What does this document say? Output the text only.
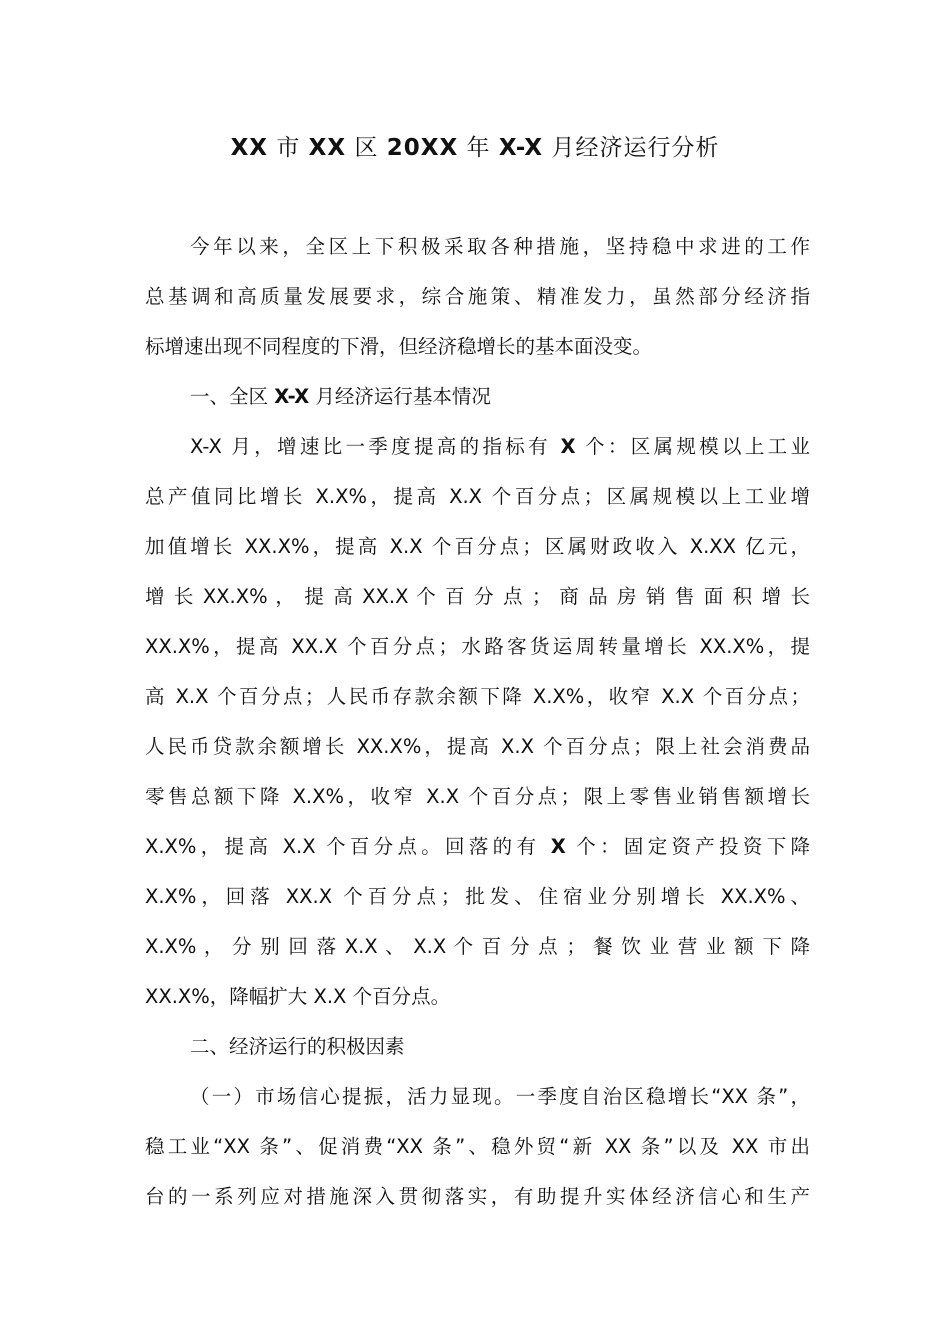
XX 市 XX 区 20XX 年 X-X 月经济运行分析
今年以来，全区上下积极采取各种措施，坚持稳中求进的工作
总基调和高质量发展要求，综合施策、精准发力，虽然部分经济指
标增速出现不同程度的下滑，但经济稳增长的基本面没变。
一、全区 X-X 月经济运行基本情况
X-X 月，增速比一季度提高的指标有 X 个：区属规模以上工业
总产值同比增长 X.X%，提高 X.X 个百分点；区属规模以上工业增
加值增长 XX.X%，提高 X.X 个百分点；区属财政收入 X.XX 亿元，
增 长 XX.X% ， 提 高 XX.X 个 百 分 点 ； 商 品 房 销 售 面 积 增 长
XX.X%，提高 XX.X 个百分点；水路客货运周转量增长 XX.X%，提
高 X.X 个百分点；人民币存款余额下降 X.X%，收窄 X.X 个百分点；
人民币贷款余额增长 XX.X%，提高 X.X 个百分点；限上社会消费品
零售总额下降 X.X%，收窄 X.X 个百分点；限上零售业销售额增长
X.X%，提高 X.X 个百分点。回落的有 X 个：固定资产投资下降
X.X%，回落 XX.X 个百分点；批发、住宿业分别增长 XX.X%、
X.X% ， 分 别 回 落 X.X 、 X.X 个 百 分 点 ； 餐 饮 业 营 业 额 下 降
XX.X%，降幅扩大 X.X 个百分点。
二、经济运行的积极因素
（一）市场信心提振，活力显现。一季度自治区稳增长“XX 条”，
稳工业“XX 条”、促消费“XX 条”、稳外贸“新 XX 条”以及 XX 市出
台的一系列应对措施深入贯彻落实，有助提升实体经济信心和生产
